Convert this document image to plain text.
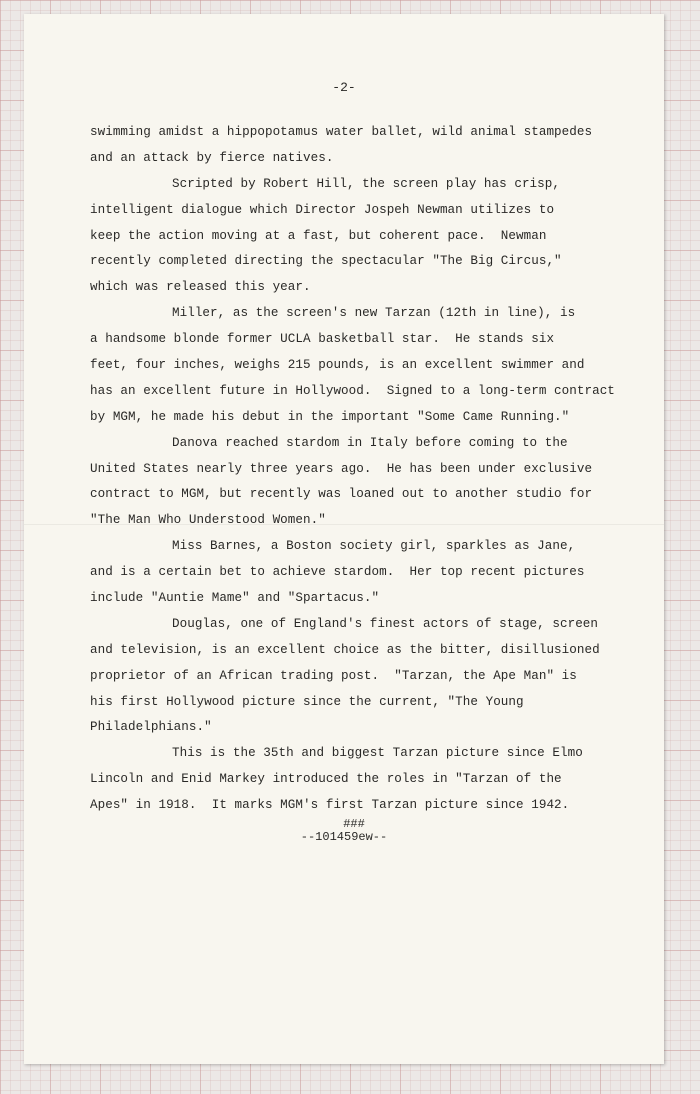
-2-
swimming amidst a hippopotamus water ballet, wild animal stampedes
and an attack by fierce natives.
Scripted by Robert Hill, the screen play has crisp,
intelligent dialogue which Director Jospeh Newman utilizes to
keep the action moving at a fast, but coherent pace.  Newman
recently completed directing the spectacular "The Big Circus,"
which was released this year.
Miller, as the screen's new Tarzan (12th in line), is
a handsome blonde former UCLA basketball star.  He stands six
feet, four inches, weighs 215 pounds, is an excellent swimmer and
has an excellent future in Hollywood.  Signed to a long-term contract
by MGM, he made his debut in the important "Some Came Running."
Danova reached stardom in Italy before coming to the
United States nearly three years ago.  He has been under exclusive
contract to MGM, but recently was loaned out to another studio for
"The Man Who Understood Women."
Miss Barnes, a Boston society girl, sparkles as Jane,
and is a certain bet to achieve stardom.  Her top recent pictures
include "Auntie Mame" and "Spartacus."
Douglas, one of England's finest actors of stage, screen
and television, is an excellent choice as the bitter, disillusioned
proprietor of an African trading post.  "Tarzan, the Ape Man" is
his first Hollywood picture since the current, "The Young
Philadelphians."
This is the 35th and biggest Tarzan picture since Elmo
Lincoln and Enid Markey introduced the roles in "Tarzan of the
Apes" in 1918.  It marks MGM's first Tarzan picture since 1942.
###
--101459ew--
